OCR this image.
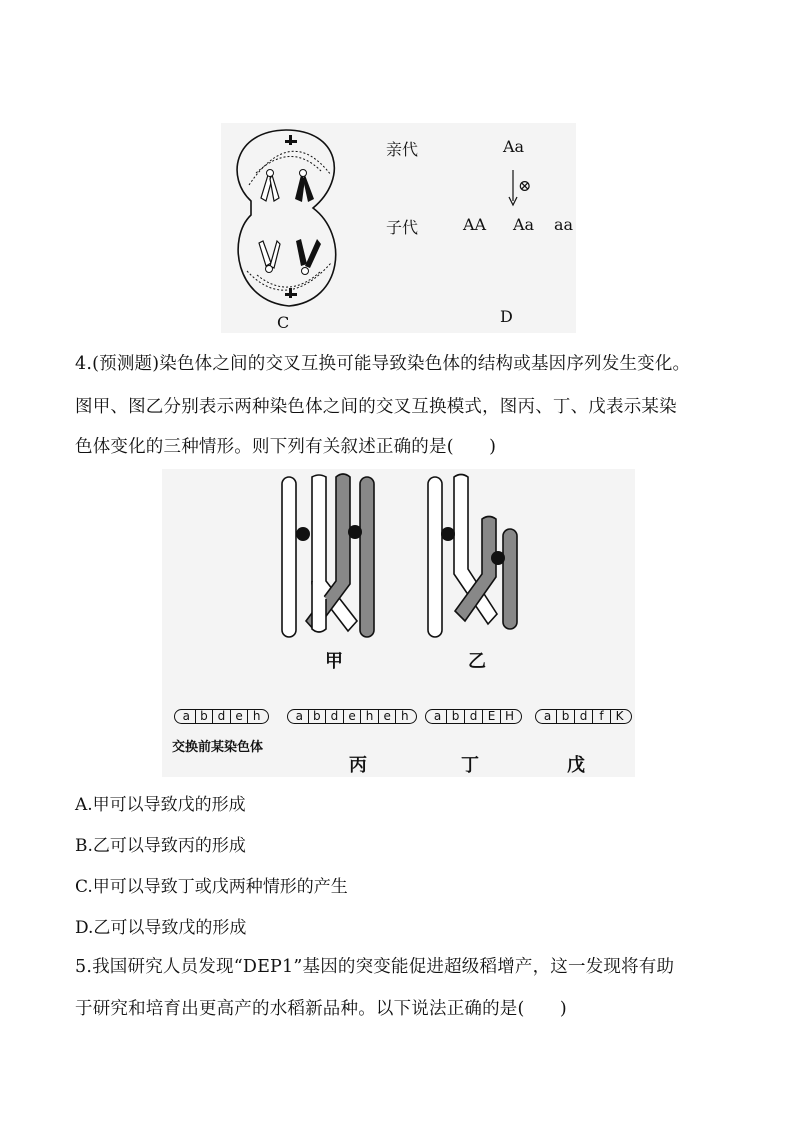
C
亲代	Aa
⊗
子代	AA Aa aa
D
4.(预测题)染色体之间的交叉互换可能导致染色体的结构或基因序列发生变化。
图甲、图乙分别表示两种染色体之间的交叉互换模式，图丙、丁、戊表示某染
色体变化的三种情形。则下列有关叙述正确的是(　　)
甲	乙
a b d e h	a b d e h e h	a b d E H	a b d	f K
交换前某染色体
丙	丁	戊
A.甲可以导致戊的形成
B.乙可以导致丙的形成
C.甲可以导致丁或戊两种情形的产生
D.乙可以导致戊的形成
5.我国研究人员发现“DEP1”基因的突变能促进超级稻增产，这一发现将有助
于研究和培育出更高产的水稻新品种。以下说法正确的是(　　)
